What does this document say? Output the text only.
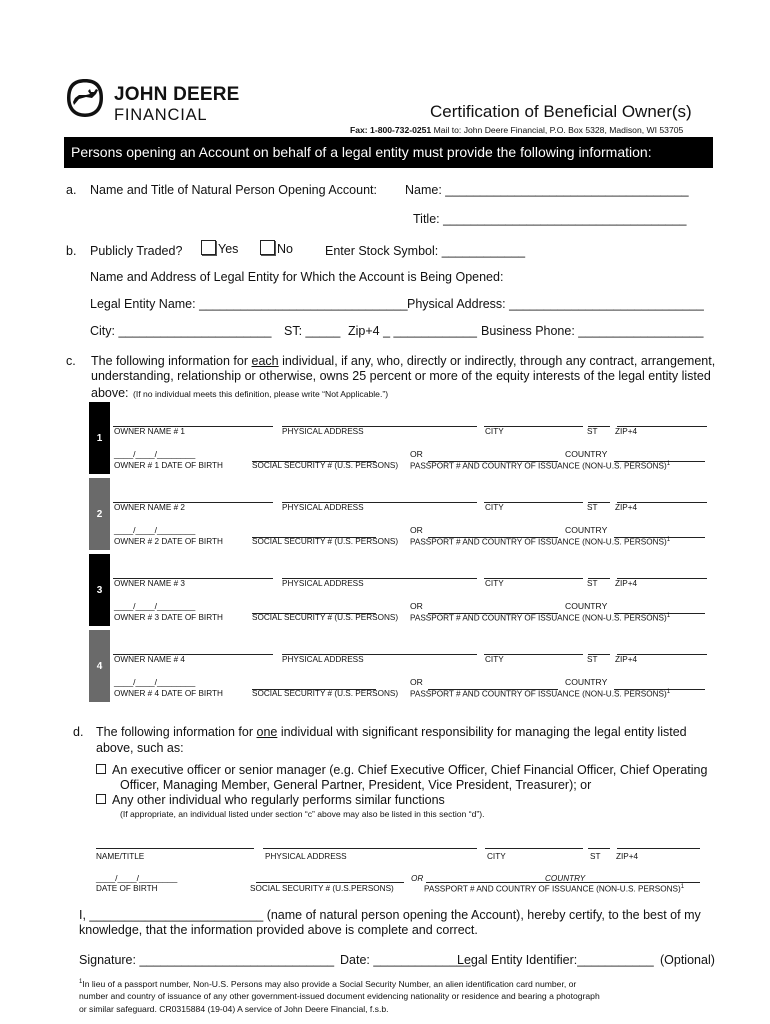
JOHN DEERE
FINANCIAL	Certification of Beneficial Owner(s)
Fax: 1-800-732-0251 Mail to: John Deere Financial, P.O. Box 5328, Madison, WI 53705
Persons opening an Account on behalf of a legal entity must provide the following information:
a. Name and Title of Natural Person Opening Account: Name: ___________________________________
Title: ___________________________________
b. Publicly Traded?	Yes	No	Enter Stock Symbol: ____________
Name and Address of Legal Entity for Which the Account is Being Opened:
Legal Entity Name: ______________________________ Physical Address: ____________________________
City: ______________________ ST: _____ Zip+4 _ ____________ Business Phone: __________________
c. The following information for each individual, if any, who, directly or indirectly, through any contract, arrangement,
understanding, relationship or otherwise, owns 25 percent or more of the equity interests of the legal entity listed
above: (If no individual meets this definition, please write “Not Applicable.”)
1
OWNER NAME # 1	PHYSICAL ADDRESS	CITY	ST ZIP+4
____/____/________	OR	COUNTRY
OWNER # 1 DATE OF BIRTH	SOCIAL SECURITY # (U.S. PERSONS) PASSPORT # AND COUNTRY OF ISSUANCE (NON-U.S. PERSONS)$^1$
2
OWNER NAME # 2	PHYSICAL ADDRESS	CITY	ST ZIP+4
____/____/________	OR	COUNTRY
OWNER # 2 DATE OF BIRTH	SOCIAL SECURITY # (U.S. PERSONS) PASSPORT # AND COUNTRY OF ISSUANCE (NON-U.S. PERSONS)$^1$
3
OWNER NAME # 3	PHYSICAL ADDRESS	CITY	ST ZIP+4
____/____/________	OR	COUNTRY
OWNER # 3 DATE OF BIRTH	SOCIAL SECURITY # (U.S. PERSONS) PASSPORT # AND COUNTRY OF ISSUANCE (NON-U.S. PERSONS)$^1$
4
OWNER NAME # 4	PHYSICAL ADDRESS	CITY	ST ZIP+4
____/____/________	OR	COUNTRY
OWNER # 4 DATE OF BIRTH	SOCIAL SECURITY # (U.S. PERSONS) PASSPORT # AND COUNTRY OF ISSUANCE (NON-U.S. PERSONS)$^1$
d. The following information for one individual with significant responsibility for managing the legal entity listed
above, such as:
An executive officer or senior manager (e.g. Chief Executive Officer, Chief Financial Officer, Chief Operating
Officer, Managing Member, General Partner, President, Vice President, Treasurer); or
Any other individual who regularly performs similar functions
(If appropriate, an individual listed under section “c” above may also be listed in this section “d”).
NAME/TITLE	PHYSICAL ADDRESS	CITY	ST ZIP+4
____/____/________
DATE OF BIRTH	SOCIAL SECURITY # (U.S.PERSONS)
OR	COUNTRY
PASSPORT # AND COUNTRY OF ISSUANCE (NON-U.S. PERSONS)$^1$
I, _________________________ (name of natural person opening the Account), hereby certify, to the best of my
knowledge, that the information provided above is complete and correct.
Signature: ____________________________ Date: ______________
Legal Entity Identifier:___________ (Optional)
$^1$In lieu of a passport number, Non-U.S. Persons may also provide a Social Security Number, an alien identification card number, or
number and country of issuance of any other government-issued document evidencing nationality or residence and bearing a photograph
or similar safeguard. CR0315884 (19-04) A service of John Deere Financial, f.s.b.
